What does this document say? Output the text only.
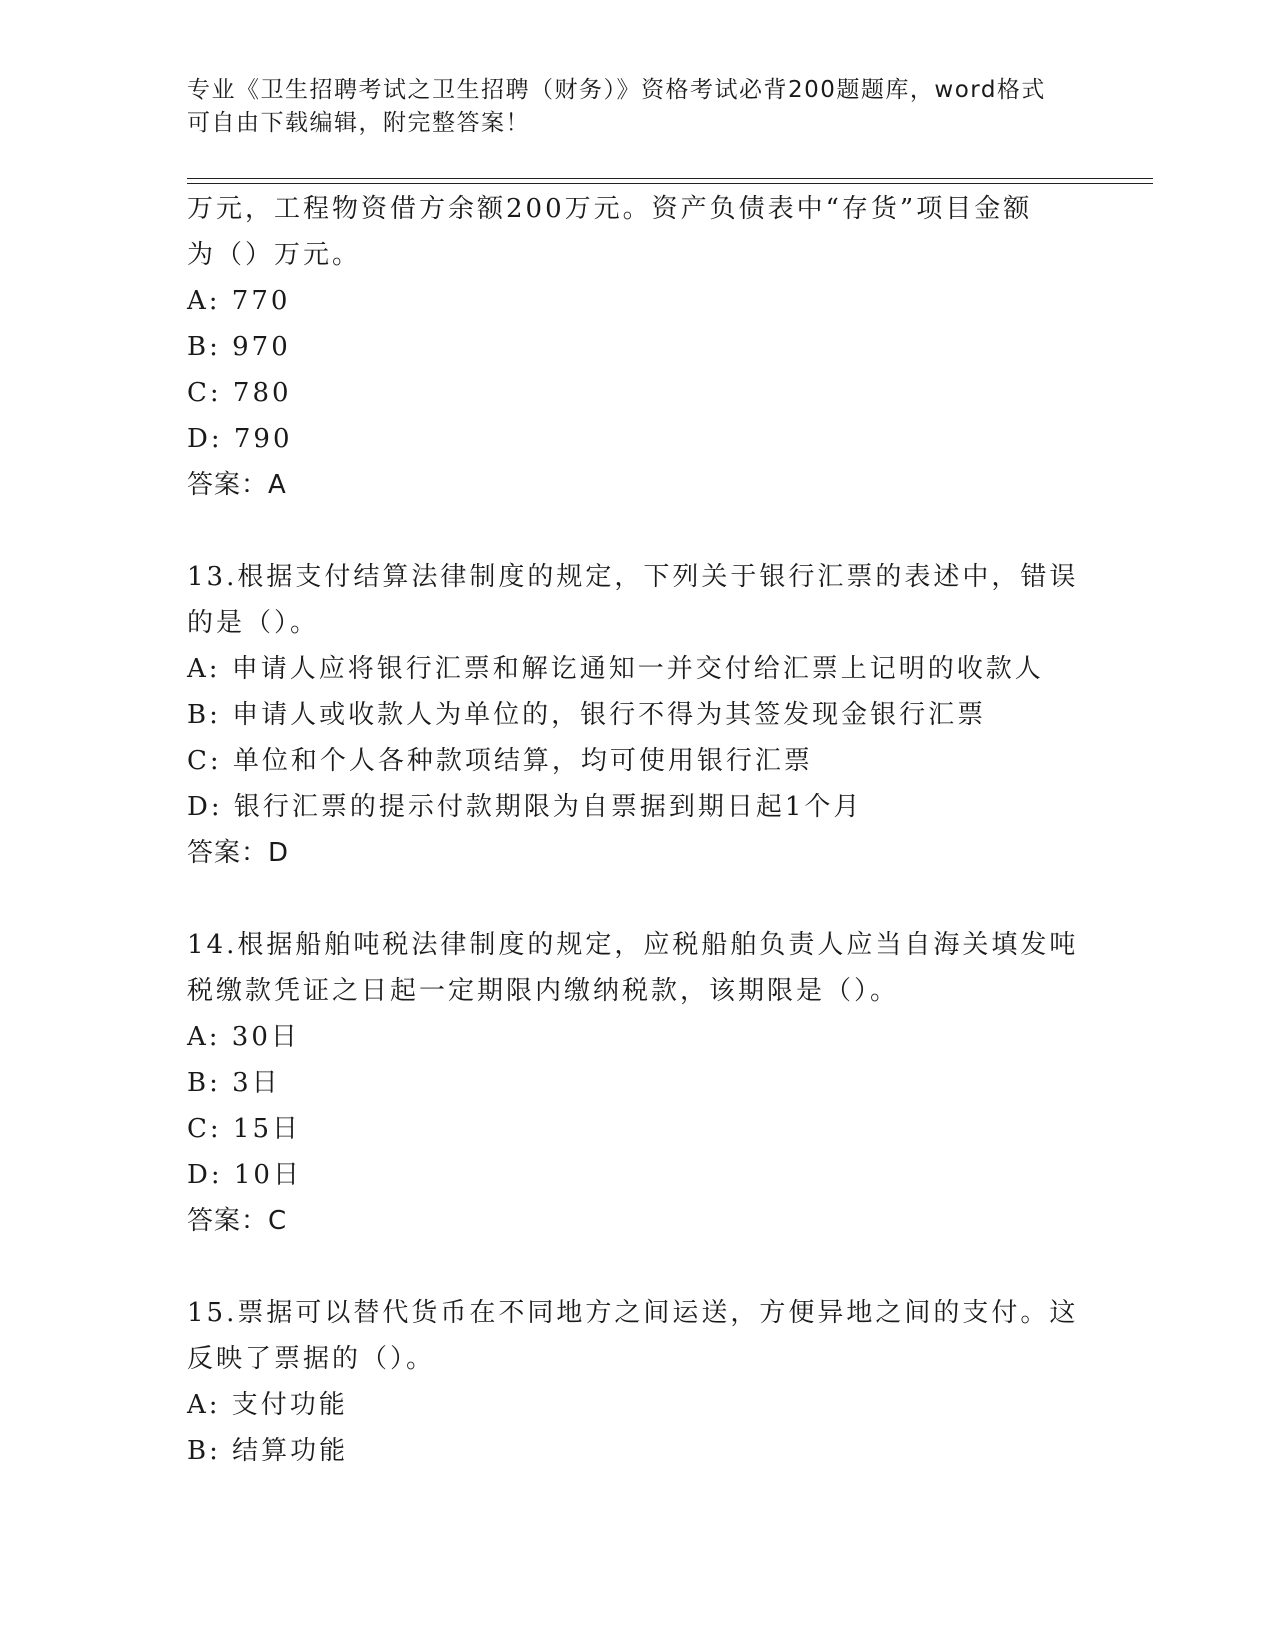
专业《卫生招聘考试之卫生招聘（财务）》资格考试必背200题题库，word格式
可自由下载编辑，附完整答案！
万元，工程物资借方余额200万元。资产负债表中“存货”项目金额
为（）万元。
A: 770
B: 970
C: 780
D: 790
答案：A
13.根据支付结算法律制度的规定，下列关于银行汇票的表述中，错误
的是（）。
A: 申请人应将银行汇票和解讫通知一并交付给汇票上记明的收款人
B: 申请人或收款人为单位的，银行不得为其签发现金银行汇票
C: 单位和个人各种款项结算，均可使用银行汇票
D: 银行汇票的提示付款期限为自票据到期日起1个月
答案：D
14.根据船舶吨税法律制度的规定，应税船舶负责人应当自海关填发吨
税缴款凭证之日起一定期限内缴纳税款，该期限是（）。
A: 30日
B: 3日
C: 15日
D: 10日
答案：C
15.票据可以替代货币在不同地方之间运送，方便异地之间的支付。这
反映了票据的（）。
A: 支付功能
B: 结算功能
